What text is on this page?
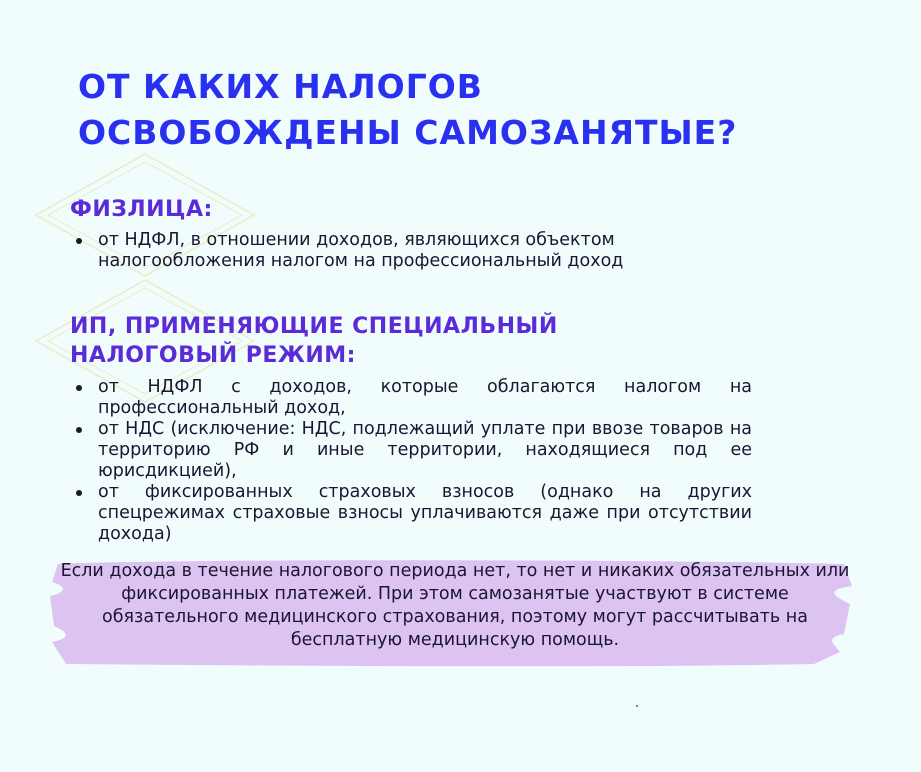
ОТ КАКИХ НАЛОГОВ
ОСВОБОЖДЕНЫ САМОЗАНЯТЫЕ?
ФИЗЛИЦА:
от НДФЛ, в отношении доходов, являющихся объектом налогообложения налогом на профессиональный доход
ИП, ПРИМЕНЯЮЩИЕ СПЕЦИАЛЬНЫЙ
НАЛОГОВЫЙ РЕЖИМ:
от НДФЛ с доходов, которые облагаются налогом на профессиональный доход,
от НДС (исключение: НДС, подлежащий уплате при ввозе товаров на территорию РФ и иные территории, находящиеся под ее юрисдикцией),
от фиксированных страховых взносов (однако на других спецрежимах страховые взносы уплачиваются даже при отсутствии дохода)

Если дохода в течение налогового периода нет, то нет и никаких обязательных или фиксированных платежей. При этом самозанятые участвуют в системе обязательного медицинского страхования, поэтому могут рассчитывать на бесплатную медицинскую помощь.
